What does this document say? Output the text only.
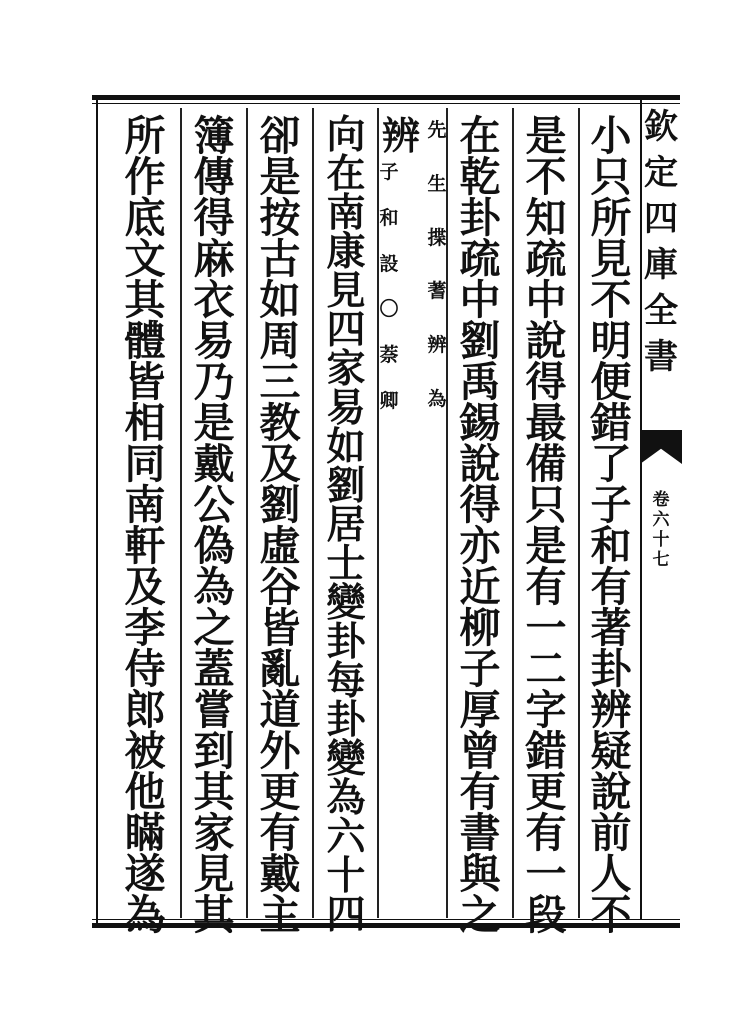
小
只
所
見
不
明
便
錯
了
子
和
有
著
卦
辨
疑
說
前
人
不
是
不
知
疏
中
說
得
最
備
只
是
有
一
二
字
錯
更
有
一
段
在
乾
卦
疏
中
劉
禹
錫
說
得
亦
近
柳
子
厚
曾
有
書
與
之
辨 先
生
揲
蓍
辨
為
子
和
設
〇
萘
卿
向
在
南
康
見
四
家
易
如
劉
居
士
變
卦
每
卦
變
為
六
十
四
卻
是
按
古
如
周
三
教
及
劉
虛
谷
皆
亂
道
外
更
有
戴
主
簿
傳
得
麻
衣
易
乃
是
戴
公
偽
為
之
蓋
嘗
到
其
家
見
其
所
作
底
文
其
體
皆
相
同
南
軒
及
李
侍
郎
被
他
瞞
遂
為
欽
定
四
庫
全
書
卷
六
十
七
